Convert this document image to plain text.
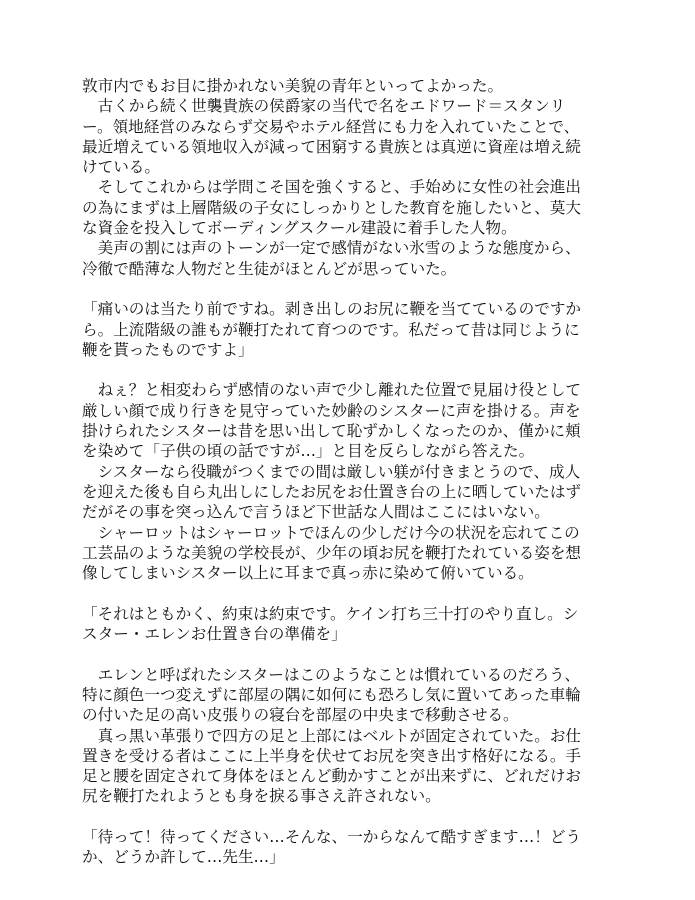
敦市内でもお目に掛かれない美貌の青年といってよかった。
　古くから続く世襲貴族の侯爵家の当代で名をエドワード＝スタンリ
ー。領地経営のみならず交易やホテル経営にも力を入れていたことで、
最近増えている領地収入が減って困窮する貴族とは真逆に資産は増え続
けている。
　そしてこれからは学問こそ国を強くすると、手始めに女性の社会進出
の為にまずは上層階級の子女にしっかりとした教育を施したいと、莫大
な資金を投入してボーディングスクール建設に着手した人物。
　美声の割には声のトーンが一定で感情がない氷雪のような態度から、
冷徹で酷薄な人物だと生徒がほとんどが思っていた。
「痛いのは当たり前ですね。剥き出しのお尻に鞭を当てているのですか
ら。上流階級の誰もが鞭打たれて育つのです。私だって昔は同じように
鞭を貰ったものですよ」
　ねぇ？と相変わらず感情のない声で少し離れた位置で見届け役として
厳しい顔で成り行きを見守っていた妙齢のシスターに声を掛ける。声を
掛けられたシスターは昔を思い出して恥ずかしくなったのか、僅かに頬
を染めて「子供の頃の話ですが…」と目を反らしながら答えた。
　シスターなら役職がつくまでの間は厳しい躾が付きまとうので、成人
を迎えた後も自ら丸出しにしたお尻をお仕置き台の上に晒していたはず
だがその事を突っ込んで言うほど下世話な人間はここにはいない。
　シャーロットはシャーロットでほんの少しだけ今の状況を忘れてこの
工芸品のような美貌の学校長が、少年の頃お尻を鞭打たれている姿を想
像してしまいシスター以上に耳まで真っ赤に染めて俯いている。
「それはともかく、約束は約束です。ケイン打ち三十打のやり直し。シ
スター・エレンお仕置き台の準備を」
　エレンと呼ばれたシスターはこのようなことは慣れているのだろう、
特に顔色一つ変えずに部屋の隅に如何にも恐ろし気に置いてあった車輪
の付いた足の高い皮張りの寝台を部屋の中央まで移動させる。
　真っ黒い革張りで四方の足と上部にはベルトが固定されていた。お仕
置きを受ける者はここに上半身を伏せてお尻を突き出す格好になる。手
足と腰を固定されて身体をほとんど動かすことが出来ずに、どれだけお
尻を鞭打たれようとも身を捩る事さえ許されない。
「待って！待ってください…そんな、一からなんて酷すぎます…！どう
か、どうか許して…先生…」
